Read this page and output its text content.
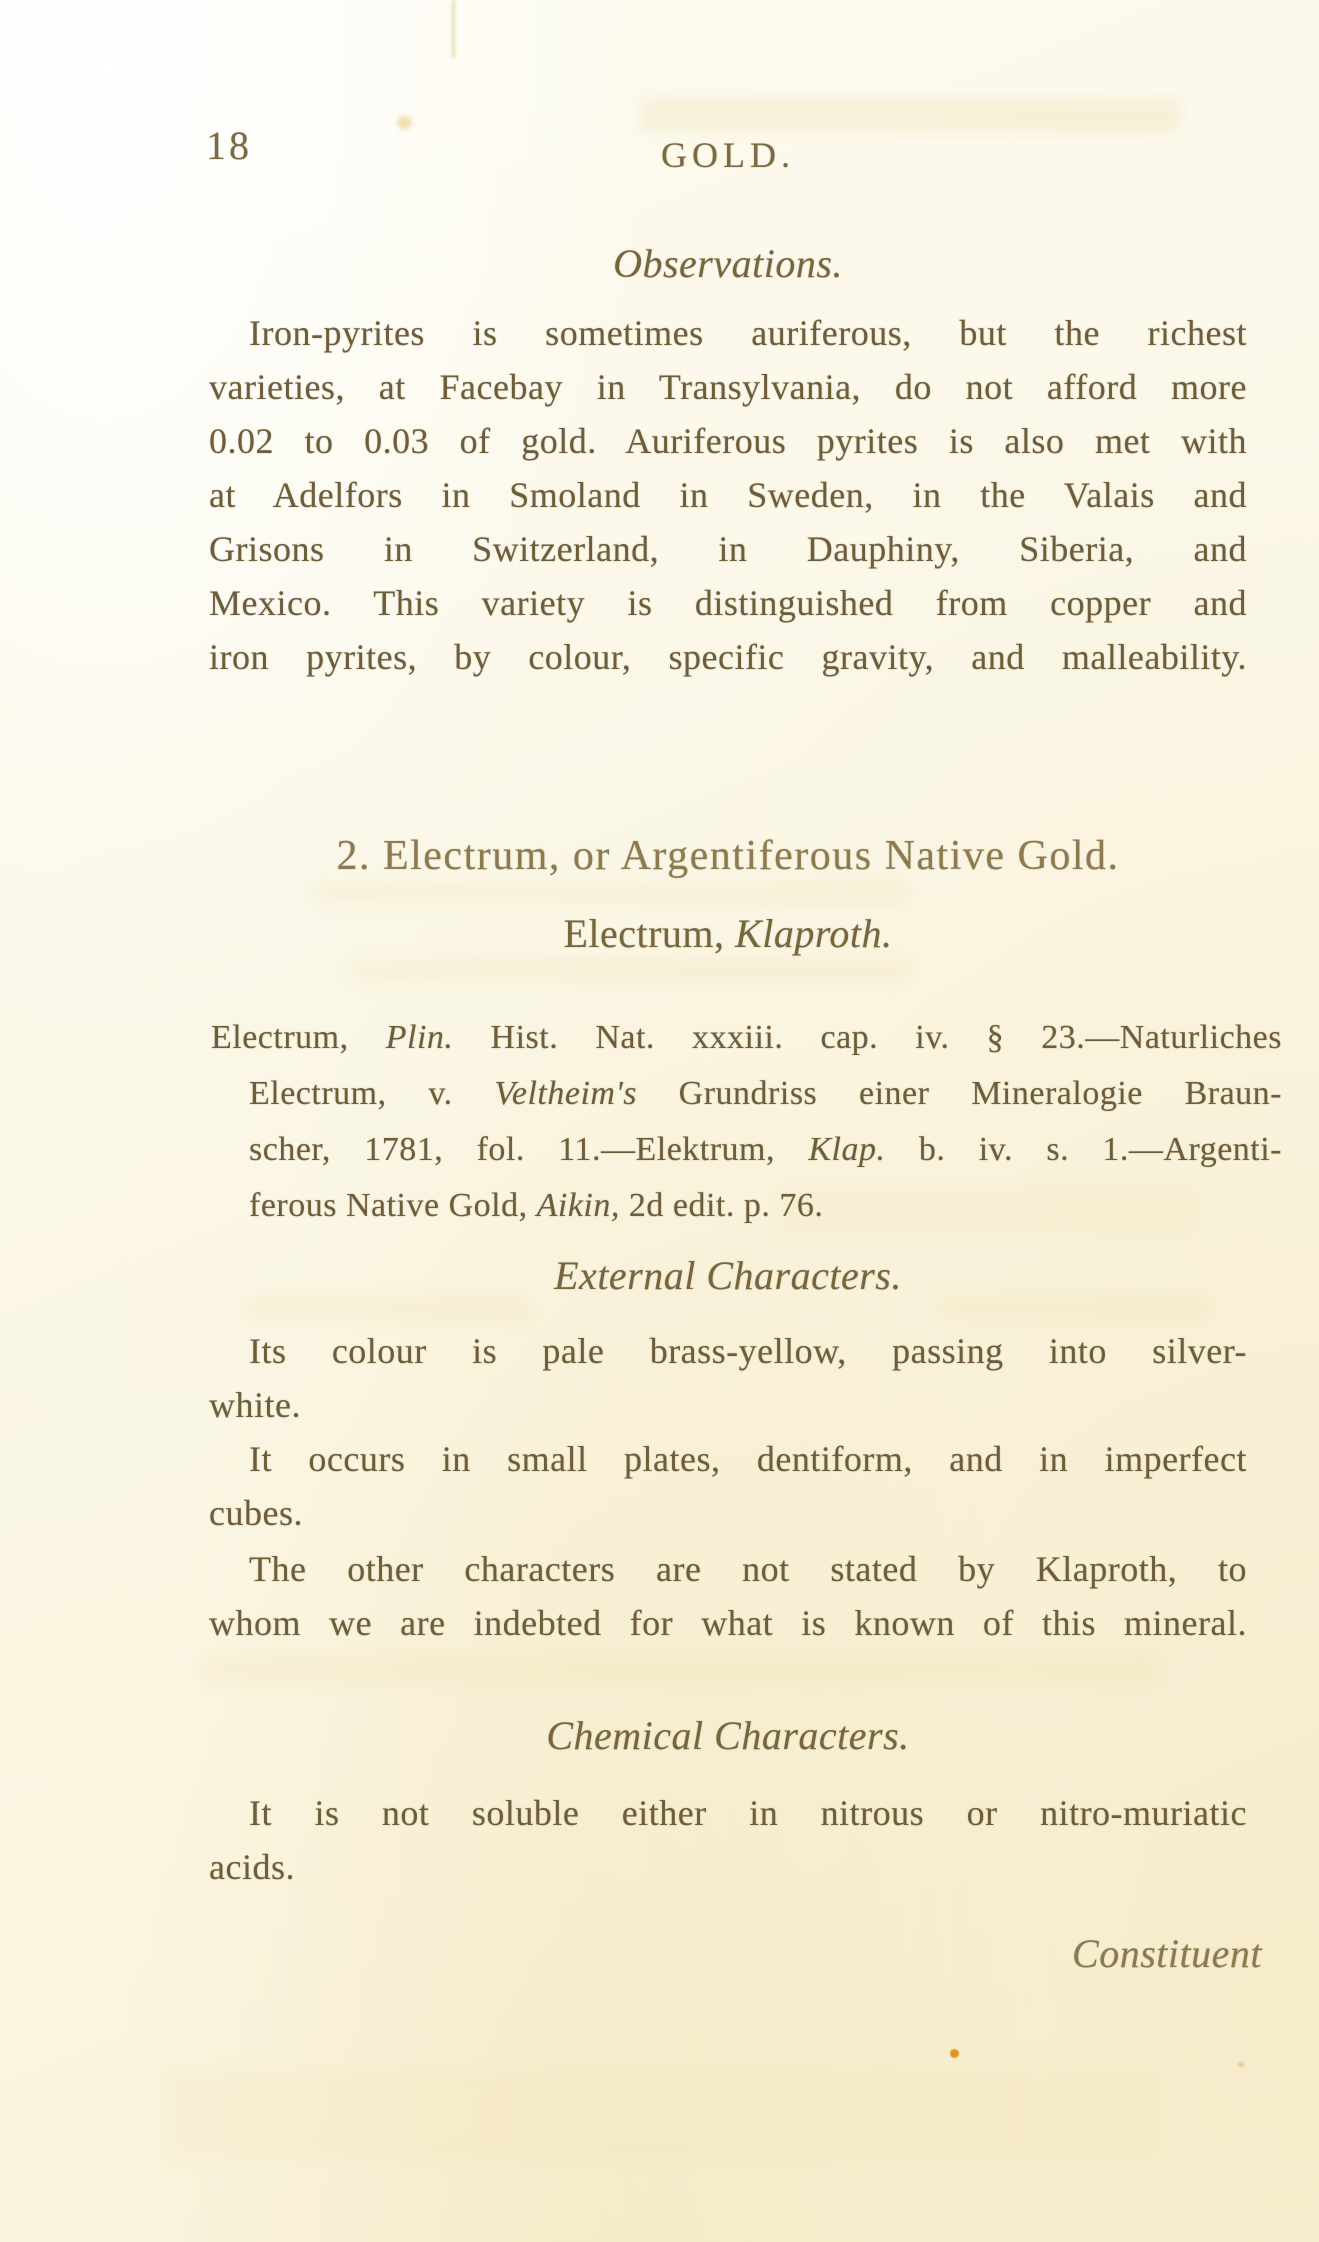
18	GOLD.
Observations.
Iron-pyrites is sometimes auriferous, but the richest
varieties, at Facebay in Transylvania, do not afford more
0.02 to 0.03 of gold. Auriferous pyrites is also met with
at Adelfors in Smoland in Sweden, in the Valais and
Grisons in Switzerland, in Dauphiny, Siberia, and
Mexico. This variety is distinguished from copper and
iron pyrites, by colour, specific gravity, and malleability.
2. Electrum, or Argentiferous Native Gold.
Electrum, Klaproth.
Electrum, Plin. Hist. Nat. xxxiii. cap. iv. § 23.—Naturliches
Electrum, v. Veltheim's Grundriss einer Mineralogie Braun-
scher, 1781, fol. 11.—Elektrum, Klap. b. iv. s. 1.—Argenti-
ferous Native Gold, Aikin, 2d edit. p. 76.
External Characters.
Its colour is pale brass-yellow, passing into silver-
white.
It occurs in small plates, dentiform, and in imperfect
cubes.
The other characters are not stated by Klaproth, to
whom we are indebted for what is known of this mineral.
Chemical Characters.
It is not soluble either in nitrous or nitro-muriatic
acids.
Constituent
